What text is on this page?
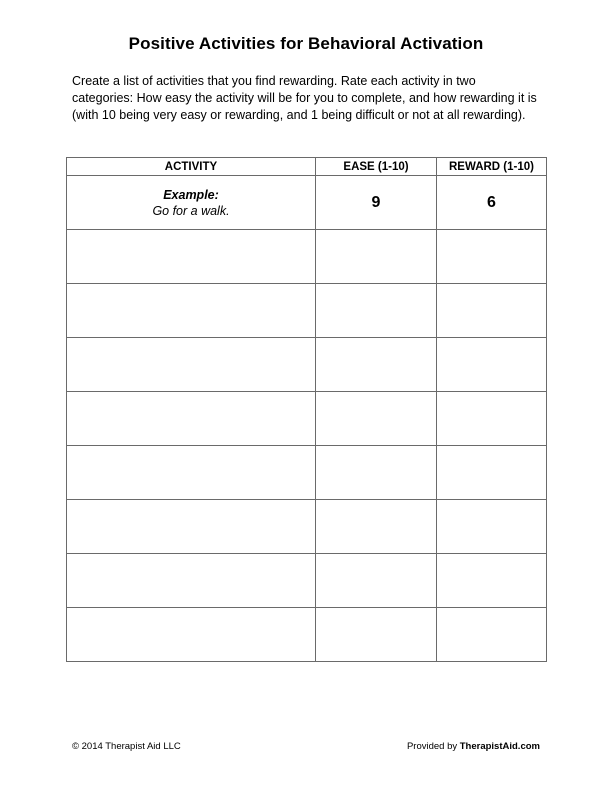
Positive Activities for Behavioral Activation
Create a list of activities that you find rewarding. Rate each activity in two categories: How easy the activity will be for you to complete, and how rewarding it is (with 10 being very easy or rewarding, and 1 being difficult or not at all rewarding).
ACTIVITY	EASE (1-10)	REWARD (1-10)

Example:
Go for a walk.	9	6

© 2014 Therapist Aid LLC	Provided by TherapistAid.com
